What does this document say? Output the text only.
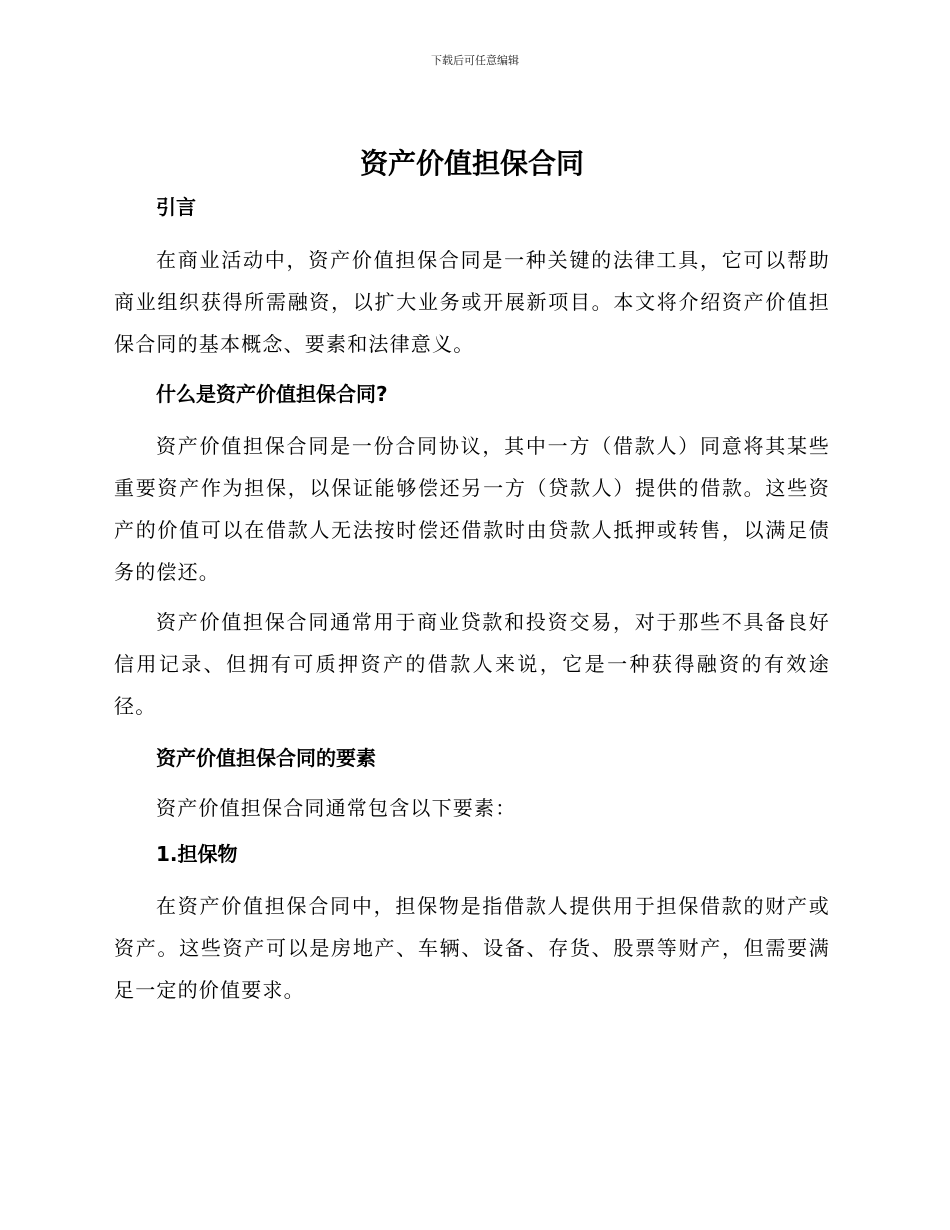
下载后可任意编辑
资产价值担保合同
引言

在商业活动中，资产价值担保合同是一种关键的法律工具，它可以帮助商业组织获得所需融资，以扩大业务或开展新项目。本文将介绍资产价值担保合同的基本概念、要素和法律意义。

什么是资产价值担保合同?

资产价值担保合同是一份合同协议，其中一方（借款人）同意将其某些重要资产作为担保，以保证能够偿还另一方（贷款人）提供的借款。这些资产的价值可以在借款人无法按时偿还借款时由贷款人抵押或转售，以满足债务的偿还。

资产价值担保合同通常用于商业贷款和投资交易，对于那些不具备良好信用记录、但拥有可质押资产的借款人来说，它是一种获得融资的有效途径。

资产价值担保合同的要素

资产价值担保合同通常包含以下要素：

1.担保物

在资产价值担保合同中，担保物是指借款人提供用于担保借款的财产或资产。这些资产可以是房地产、车辆、设备、存货、股票等财产，但需要满足一定的价值要求。
